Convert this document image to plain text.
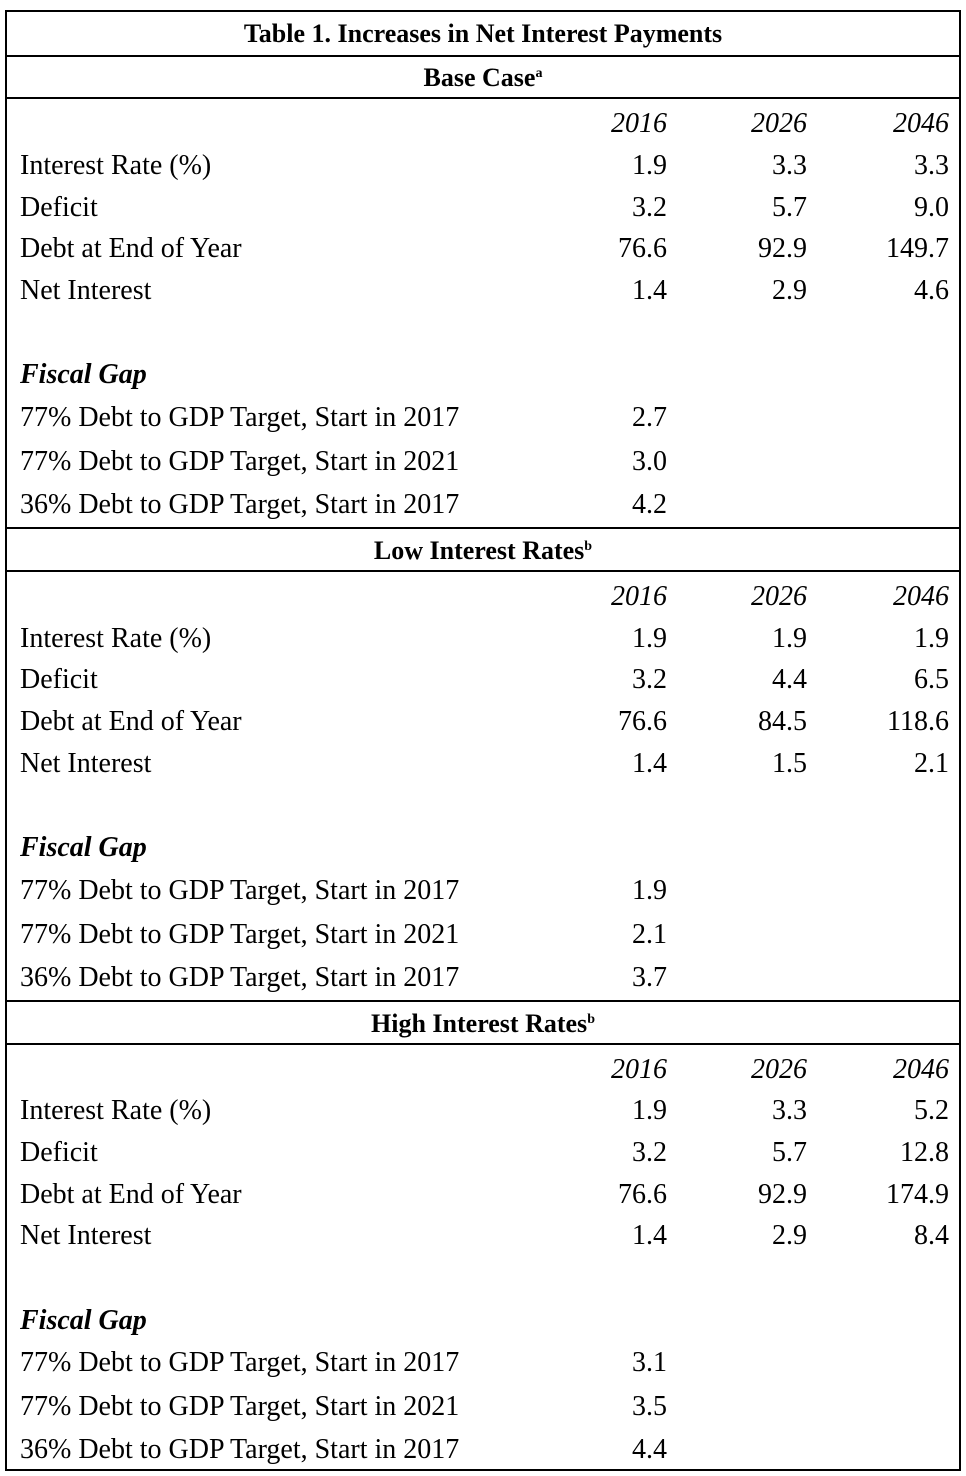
Table 1. Increases in Net Interest Payments
Base Case$^a$
2016	2026	2046
Interest Rate (%)	1.9	3.3	3.3
Deficit	3.2	5.7	9.0
Debt at End of Year	76.6	92.9	149.7
Net Interest	1.4	2.9	4.6
Fiscal Gap
77% Debt to GDP Target, Start in 2017	2.7
77% Debt to GDP Target, Start in 2021	3.0
36% Debt to GDP Target, Start in 2017	4.2
Low Interest Rates$^b$
2016	2026	2046
Interest Rate (%)	1.9	1.9	1.9
Deficit	3.2	4.4	6.5
Debt at End of Year	76.6	84.5	118.6
Net Interest	1.4	1.5	2.1
Fiscal Gap
77% Debt to GDP Target, Start in 2017	1.9
77% Debt to GDP Target, Start in 2021	2.1
36% Debt to GDP Target, Start in 2017	3.7
High Interest Rates$^b$
2016	2026	2046
Interest Rate (%)	1.9	3.3	5.2
Deficit	3.2	5.7	12.8
Debt at End of Year	76.6	92.9	174.9
Net Interest	1.4	2.9	8.4
Fiscal Gap
77% Debt to GDP Target, Start in 2017	3.1
77% Debt to GDP Target, Start in 2021	3.5
36% Debt to GDP Target, Start in 2017	4.4
